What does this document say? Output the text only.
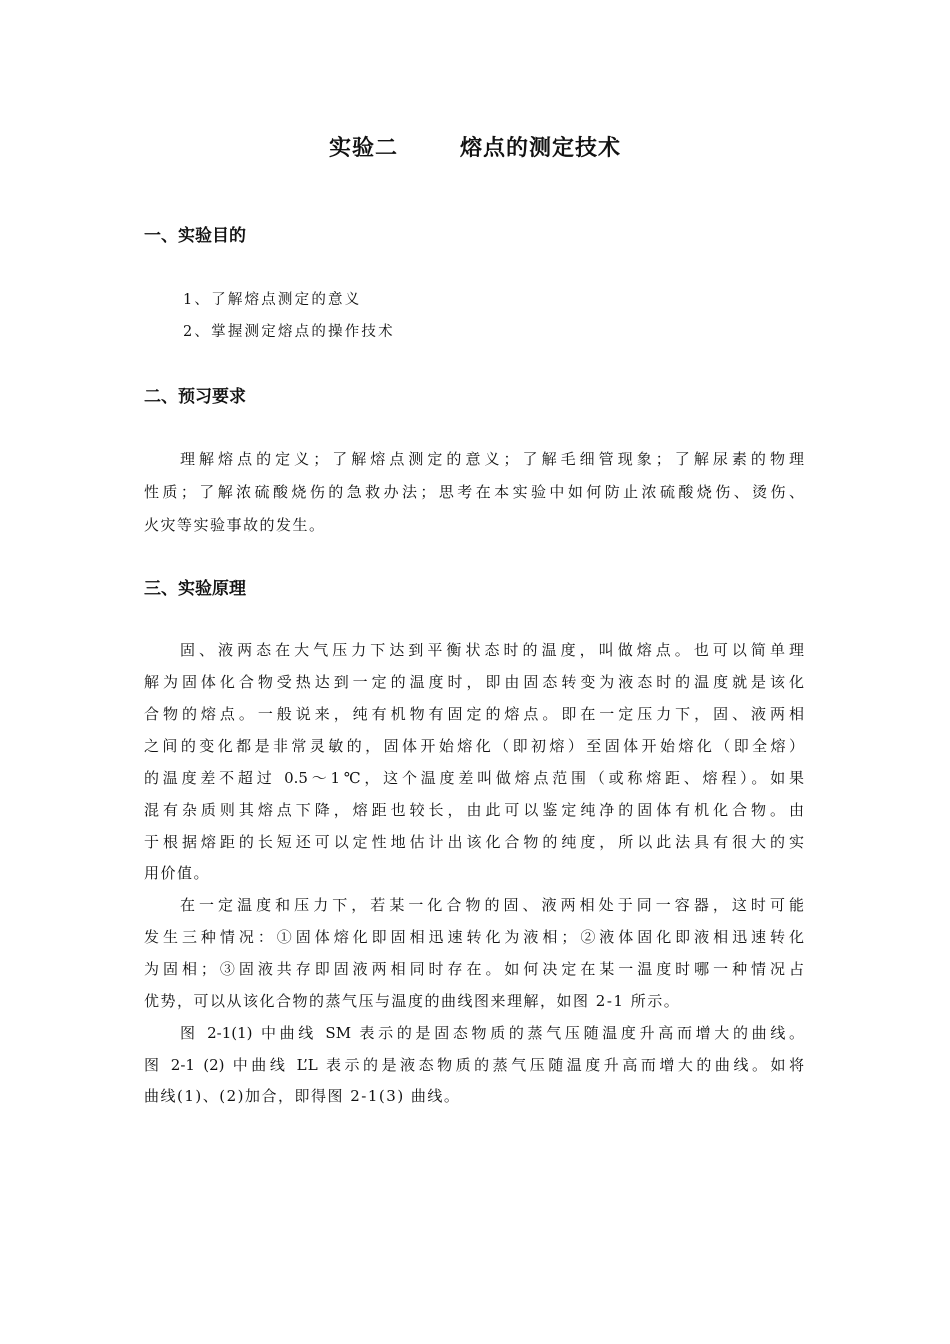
实验二	熔点的测定技术
一、实验目的
1、了解熔点测定的意义
2、掌握测定熔点的操作技术
二、预习要求
理解熔点的定义；了解熔点测定的意义；了解毛细管现象；了解尿素的物理
性质；了解浓硫酸烧伤的急救办法；思考在本实验中如何防止浓硫酸烧伤、烫伤、
火灾等实验事故的发生。
三、实验原理
固、液两态在大气压力下达到平衡状态时的温度，叫做熔点。也可以简单理
解为固体化合物受热达到一定的温度时，即由固态转变为液态时的温度就是该化
合物的熔点。一般说来，纯有机物有固定的熔点。即在一定压力下，固、液两相
之间的变化都是非常灵敏的，固体开始熔化（即初熔）至固体开始熔化（即全熔）
的温度差不超过 0.5～1℃，这个温度差叫做熔点范围（或称熔距、熔程）。如果
混有杂质则其熔点下降，熔距也较长，由此可以鉴定纯净的固体有机化合物。由
于根据熔距的长短还可以定性地估计出该化合物的纯度，所以此法具有很大的实
用价值。
在一定温度和压力下，若某一化合物的固、液两相处于同一容器，这时可能
发生三种情况：①固体熔化即固相迅速转化为液相；②液体固化即液相迅速转化
为固相；③固液共存即固液两相同时存在。如何决定在某一温度时哪一种情况占
优势，可以从该化合物的蒸气压与温度的曲线图来理解，如图 2-1 所示。
图 2-1(1) 中曲线 SM 表示的是固态物质的蒸气压随温度升高而增大的曲线。
图 2-1 (2) 中曲线 L’L 表示的是液态物质的蒸气压随温度升高而增大的曲线。如将
曲线(1)、(2)加合，即得图 2-1(3) 曲线。
